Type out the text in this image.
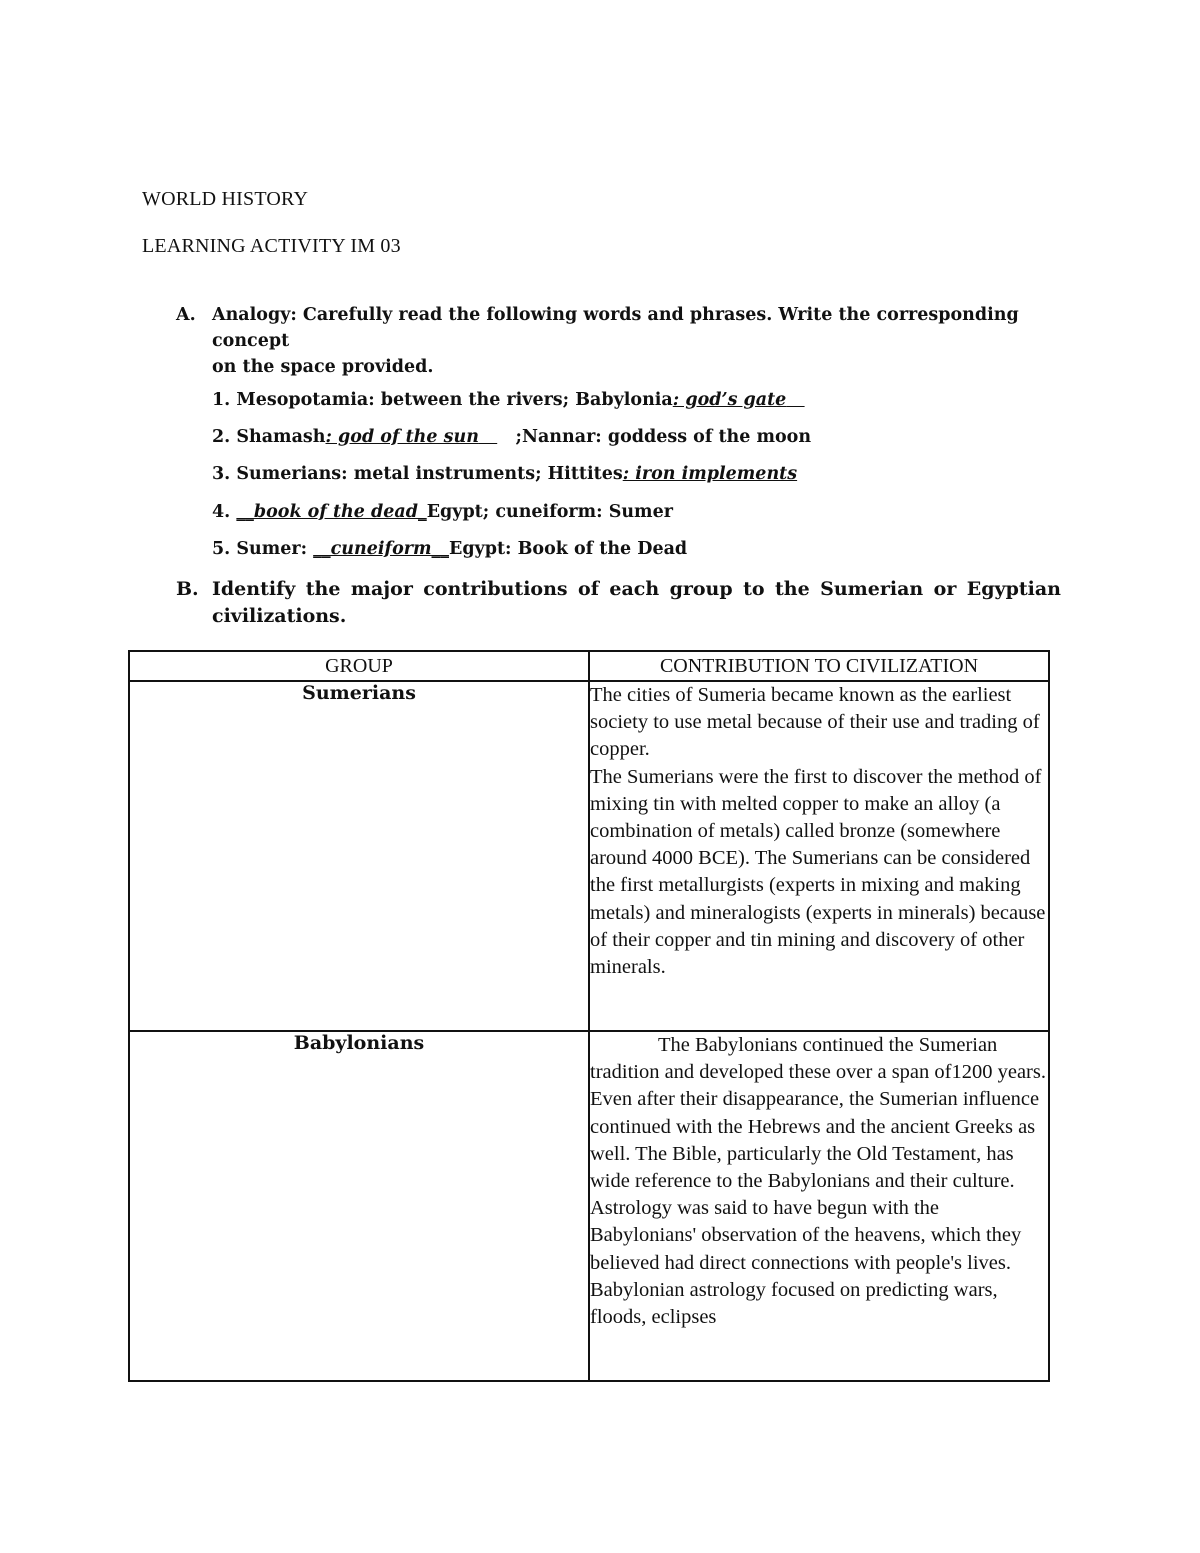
WORLD HISTORY
LEARNING ACTIVITY IM 03
A. Analogy: Carefully read the following words and phrases. Write the corresponding concept
on the space provided.
1. Mesopotamia: between the rivers; Babylonia: god’s gate
2. Shamash: god of the sun ;Nannar: goddess of the moon
3. Sumerians: metal instruments; Hittites: iron implements
4. __book of the dead_Egypt; cuneiform: Sumer
5. Sumer: __cuneiform__Egypt: Book of the Dead
B. Identify the major contributions of each group to the Sumerian or Egyptian
civilizations.
GROUP	CONTRIBUTION TO CIVILIZATION
Sumerians	The cities of Sumeria became known as the earliest society to use metal because of their use and trading of copper.

The Sumerians were the first to discover the method of mixing tin with melted copper to make an alloy (a combination of metals) called bronze (somewhere around 4000 BCE). The Sumerians can be considered the first metallurgists (experts in mixing and making metals) and mineralogists (experts in minerals) because of their copper and tin mining and discovery of other minerals.

Babylonians	The Babylonians continued the Sumerian tradition and developed these over a span of1200 years. Even after their disappearance, the Sumerian influence continued with the Hebrews and the ancient Greeks as well. The Bible, particularly the Old Testament, has wide reference to the Babylonians and their culture.

Astrology was said to have begun with the Babylonians' observation of the heavens, which they believed had direct connections with people's lives. Babylonian astrology focused on predicting wars, floods, eclipses
